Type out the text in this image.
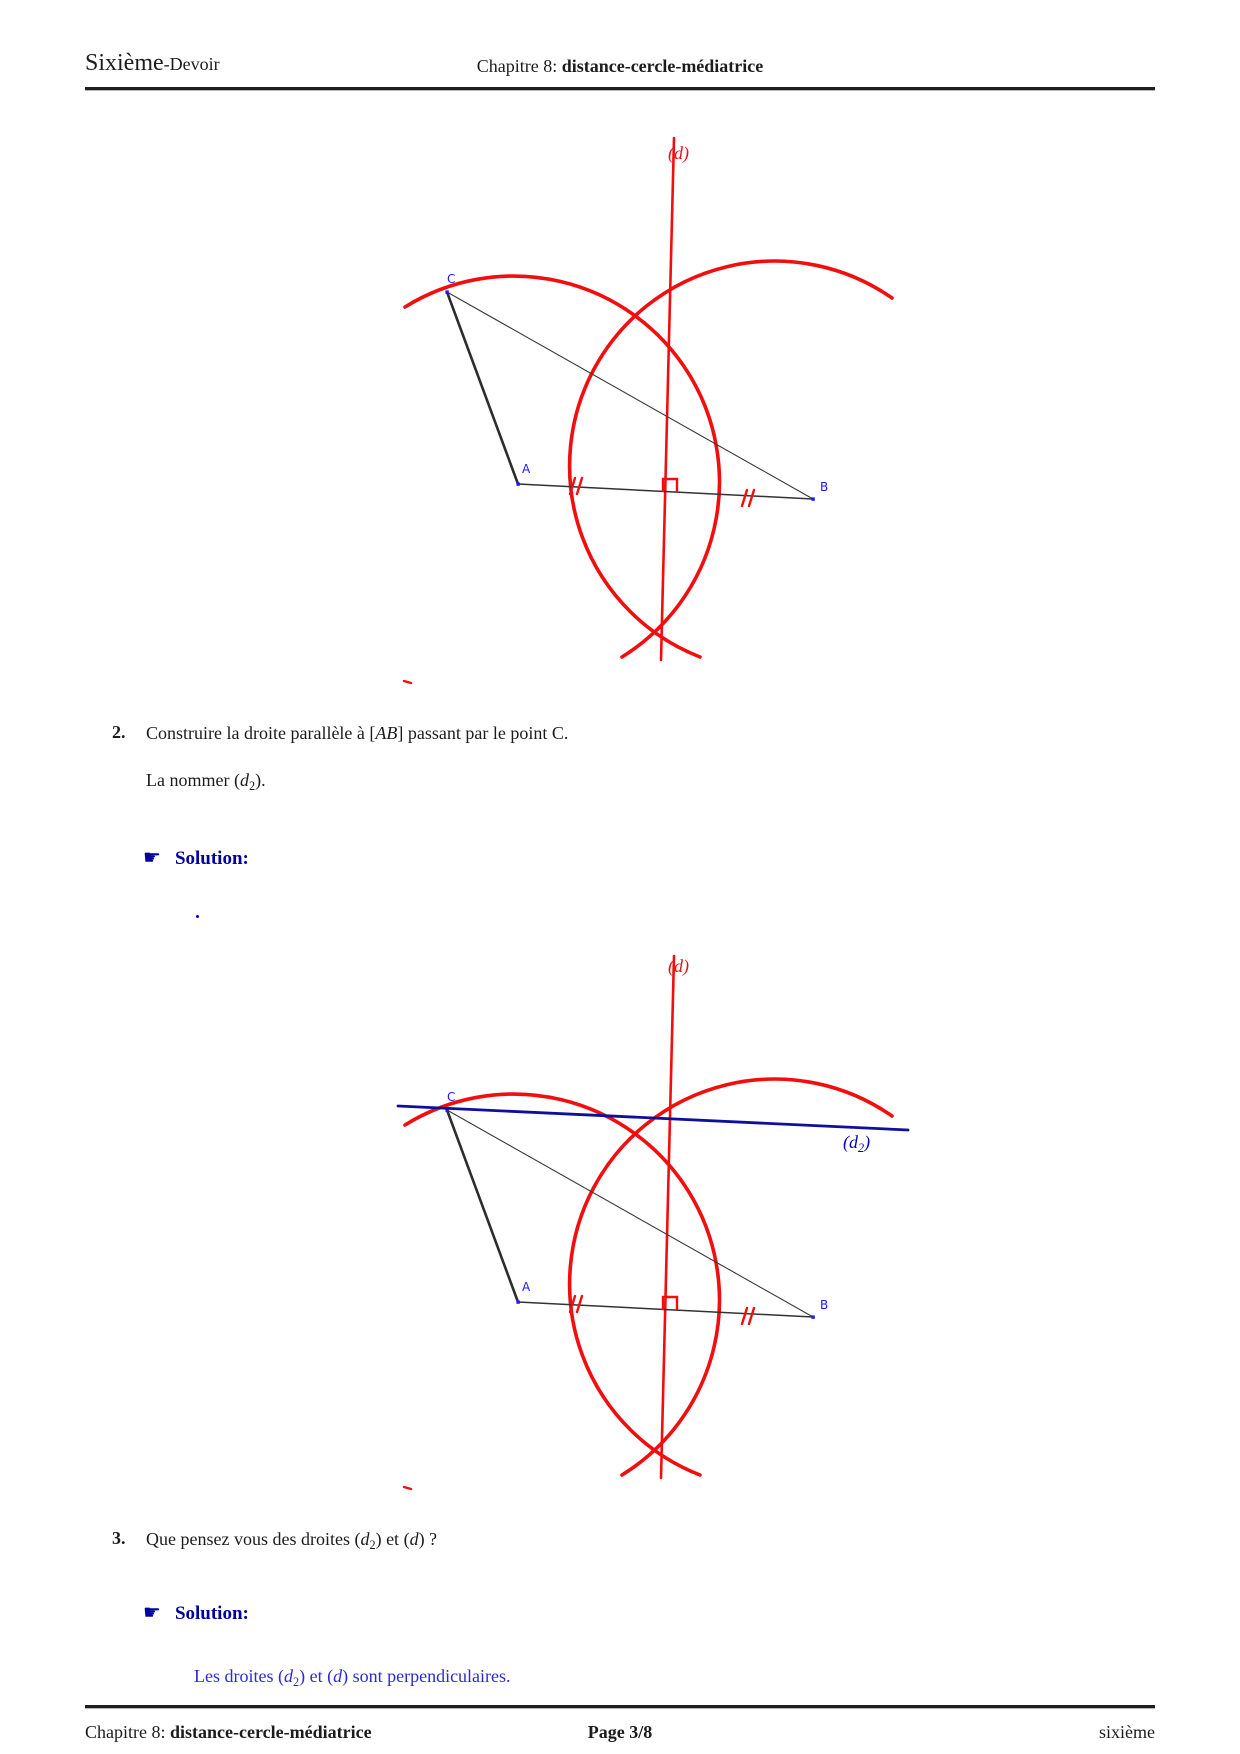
Sixième-Devoir	Chapitre 8: distance-cercle-médiatrice
(d)
C
A
B
2. Construire la droite parallèle à [AB] passant par le point C.
La nommer $(d_2)$.
☛ Solution:
(d)
$(d_2)$
C
A
B
3. Que pensez vous des droites $(d_2)$ et (d) ?
☛ Solution:
Les droites $(d_2)$ et (d) sont perpendiculaires.
Chapitre 8: distance-cercle-médiatrice	Page 3/8	sixième
